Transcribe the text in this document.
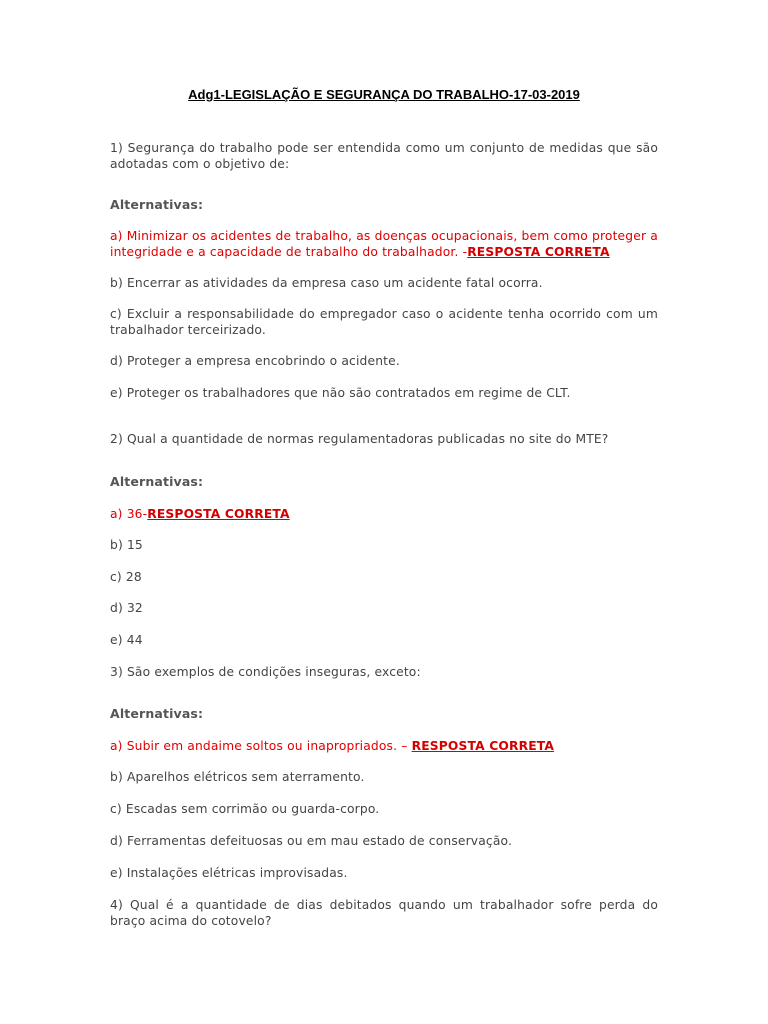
Adg1-LEGISLAÇÃO E SEGURANÇA DO TRABALHO-17-03-2019
1) Segurança do trabalho pode ser entendida como um conjunto de medidas que são adotadas com o objetivo de:
Alternativas:
a) Minimizar os acidentes de trabalho, as doenças ocupacionais, bem como proteger a integridade e a capacidade de trabalho do trabalhador. -RESPOSTA CORRETA
b) Encerrar as atividades da empresa caso um acidente fatal ocorra.
c) Excluir a responsabilidade do empregador caso o acidente tenha ocorrido com um trabalhador terceirizado.
d) Proteger a empresa encobrindo o acidente.
e) Proteger os trabalhadores que não são contratados em regime de CLT.
2) Qual a quantidade de normas regulamentadoras publicadas no site do MTE?
Alternativas:
a) 36-RESPOSTA CORRETA
b) 15
c) 28
d) 32
e) 44
3) São exemplos de condições inseguras, exceto:
Alternativas:
a) Subir em andaime soltos ou inapropriados. – RESPOSTA CORRETA
b) Aparelhos elétricos sem aterramento.
c) Escadas sem corrimão ou guarda-corpo.
d) Ferramentas defeituosas ou em mau estado de conservação.
e) Instalações elétricas improvisadas.
4) Qual é a quantidade de dias debitados quando um trabalhador sofre perda do braço acima do cotovelo?
